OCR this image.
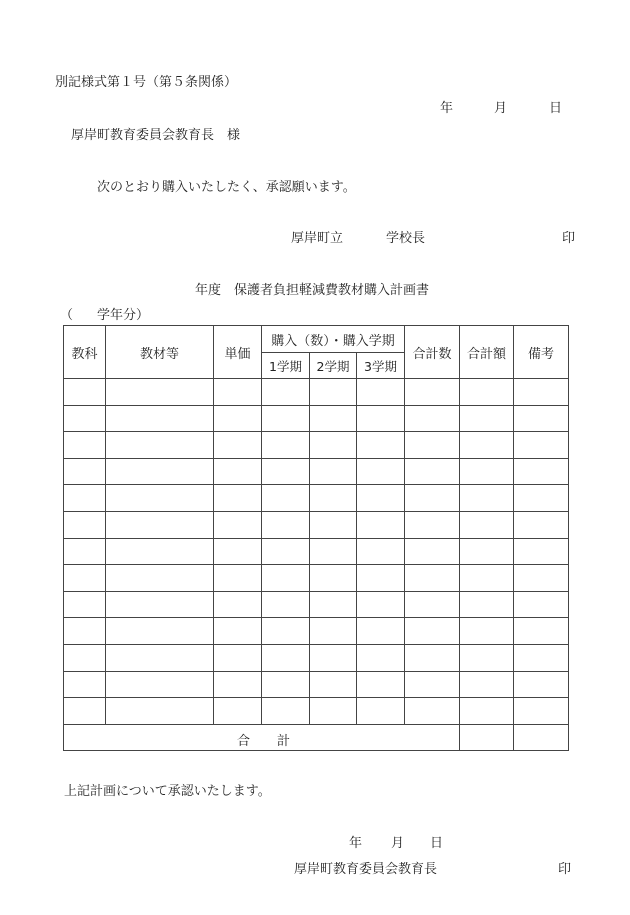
別記様式第１号（第５条関係）
年	月	日
厚岸町教育委員会教育長　様
次のとおり購入いたしたく、承認願います。
厚岸町立	学校長	印
年度　保護者負担軽減費教材購入計画書
（ 学年分）
教科	教材等	単価	購入（数）・購入学期			合計数	合計額	備考
			1学期	2学期	3学期			

合 計								

上記計画について承認いたします。
年 月 日
厚岸町教育委員会教育長	印
